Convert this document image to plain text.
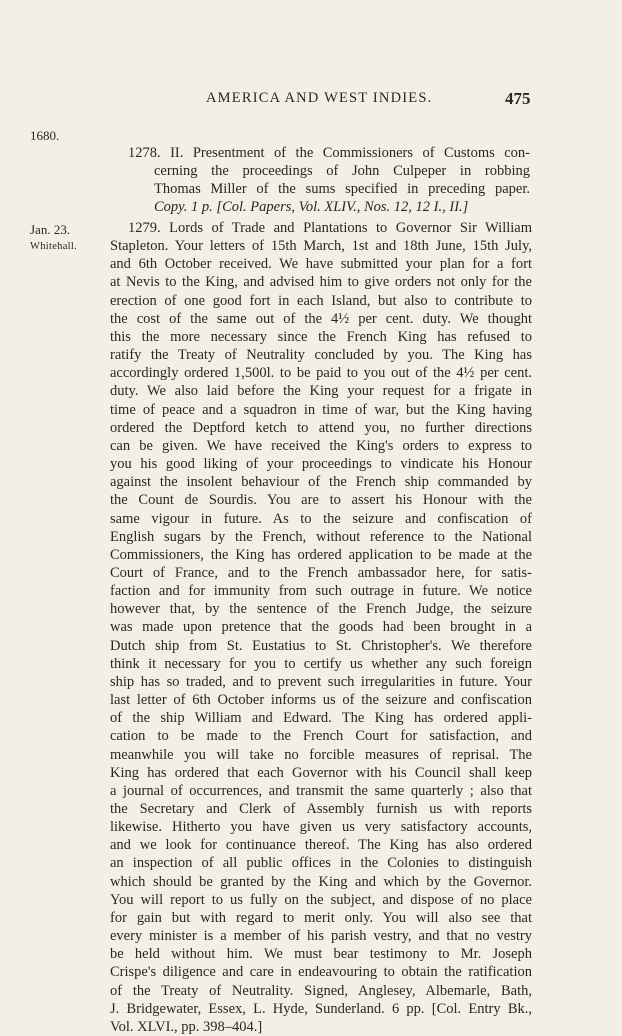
AMERICA AND WEST INDIES.	475
1680.
Jan. 23.
Whitehall.
1278. II. Presentment of the Commissioners of Customs con-
cerning the proceedings of John Culpeper in robbing
Thomas Miller of the sums specified in preceding paper.
Copy. 1 p. [Col. Papers, Vol. XLIV., Nos. 12, 12 I., II.]
1279. Lords of Trade and Plantations to Governor Sir William
Stapleton. Your letters of 15th March, 1st and 18th June, 15th July,
and 6th October received. We have submitted your plan for a fort
at Nevis to the King, and advised him to give orders not only for the
erection of one good fort in each Island, but also to contribute to
the cost of the same out of the 4½ per cent. duty. We thought
this the more necessary since the French King has refused to
ratify the Treaty of Neutrality concluded by you. The King has
accordingly ordered 1,500l. to be paid to you out of the 4½ per cent.
duty. We also laid before the King your request for a frigate in
time of peace and a squadron in time of war, but the King having
ordered the Deptford ketch to attend you, no further directions
can be given. We have received the King's orders to express to
you his good liking of your proceedings to vindicate his Honour
against the insolent behaviour of the French ship commanded by
the Count de Sourdis. You are to assert his Honour with the
same vigour in future. As to the seizure and confiscation of
English sugars by the French, without reference to the National
Commissioners, the King has ordered application to be made at the
Court of France, and to the French ambassador here, for satis-
faction and for immunity from such outrage in future. We notice
however that, by the sentence of the French Judge, the seizure
was made upon pretence that the goods had been brought in a
Dutch ship from St. Eustatius to St. Christopher's. We therefore
think it necessary for you to certify us whether any such foreign
ship has so traded, and to prevent such irregularities in future. Your
last letter of 6th October informs us of the seizure and confiscation
of the ship William and Edward. The King has ordered appli-
cation to be made to the French Court for satisfaction, and
meanwhile you will take no forcible measures of reprisal. The
King has ordered that each Governor with his Council shall keep
a journal of occurrences, and transmit the same quarterly ; also that
the Secretary and Clerk of Assembly furnish us with reports
likewise. Hitherto you have given us very satisfactory accounts,
and we look for continuance thereof. The King has also ordered
an inspection of all public offices in the Colonies to distinguish
which should be granted by the King and which by the Governor.
You will report to us fully on the subject, and dispose of no place
for gain but with regard to merit only. You will also see that
every minister is a member of his parish vestry, and that no vestry
be held without him. We must bear testimony to Mr. Joseph
Crispe's diligence and care in endeavouring to obtain the ratification
of the Treaty of Neutrality. Signed, Anglesey, Albemarle, Bath,
J. Bridgewater, Essex, L. Hyde, Sunderland. 6 pp. [Col. Entry Bk.,
Vol. XLVI., pp. 398–404.]
